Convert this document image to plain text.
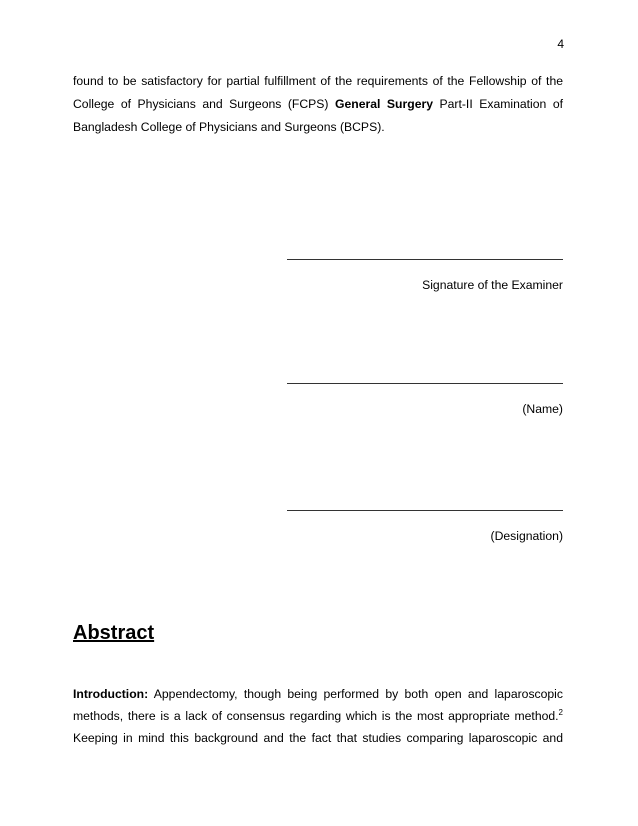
4
found to be satisfactory for partial fulfillment of the requirements of the Fellowship of the
College of Physicians and Surgeons (FCPS) General Surgery Part-II Examination of
Bangladesh College of Physicians and Surgeons (BCPS).
Signature of the Examiner
(Name)
(Designation)
Abstract
Introduction: Appendectomy, though being performed by both open and laparoscopic
methods, there is a lack of consensus regarding which is the most appropriate method.$^2$
Keeping in mind this background and the fact that studies comparing laparoscopic and
